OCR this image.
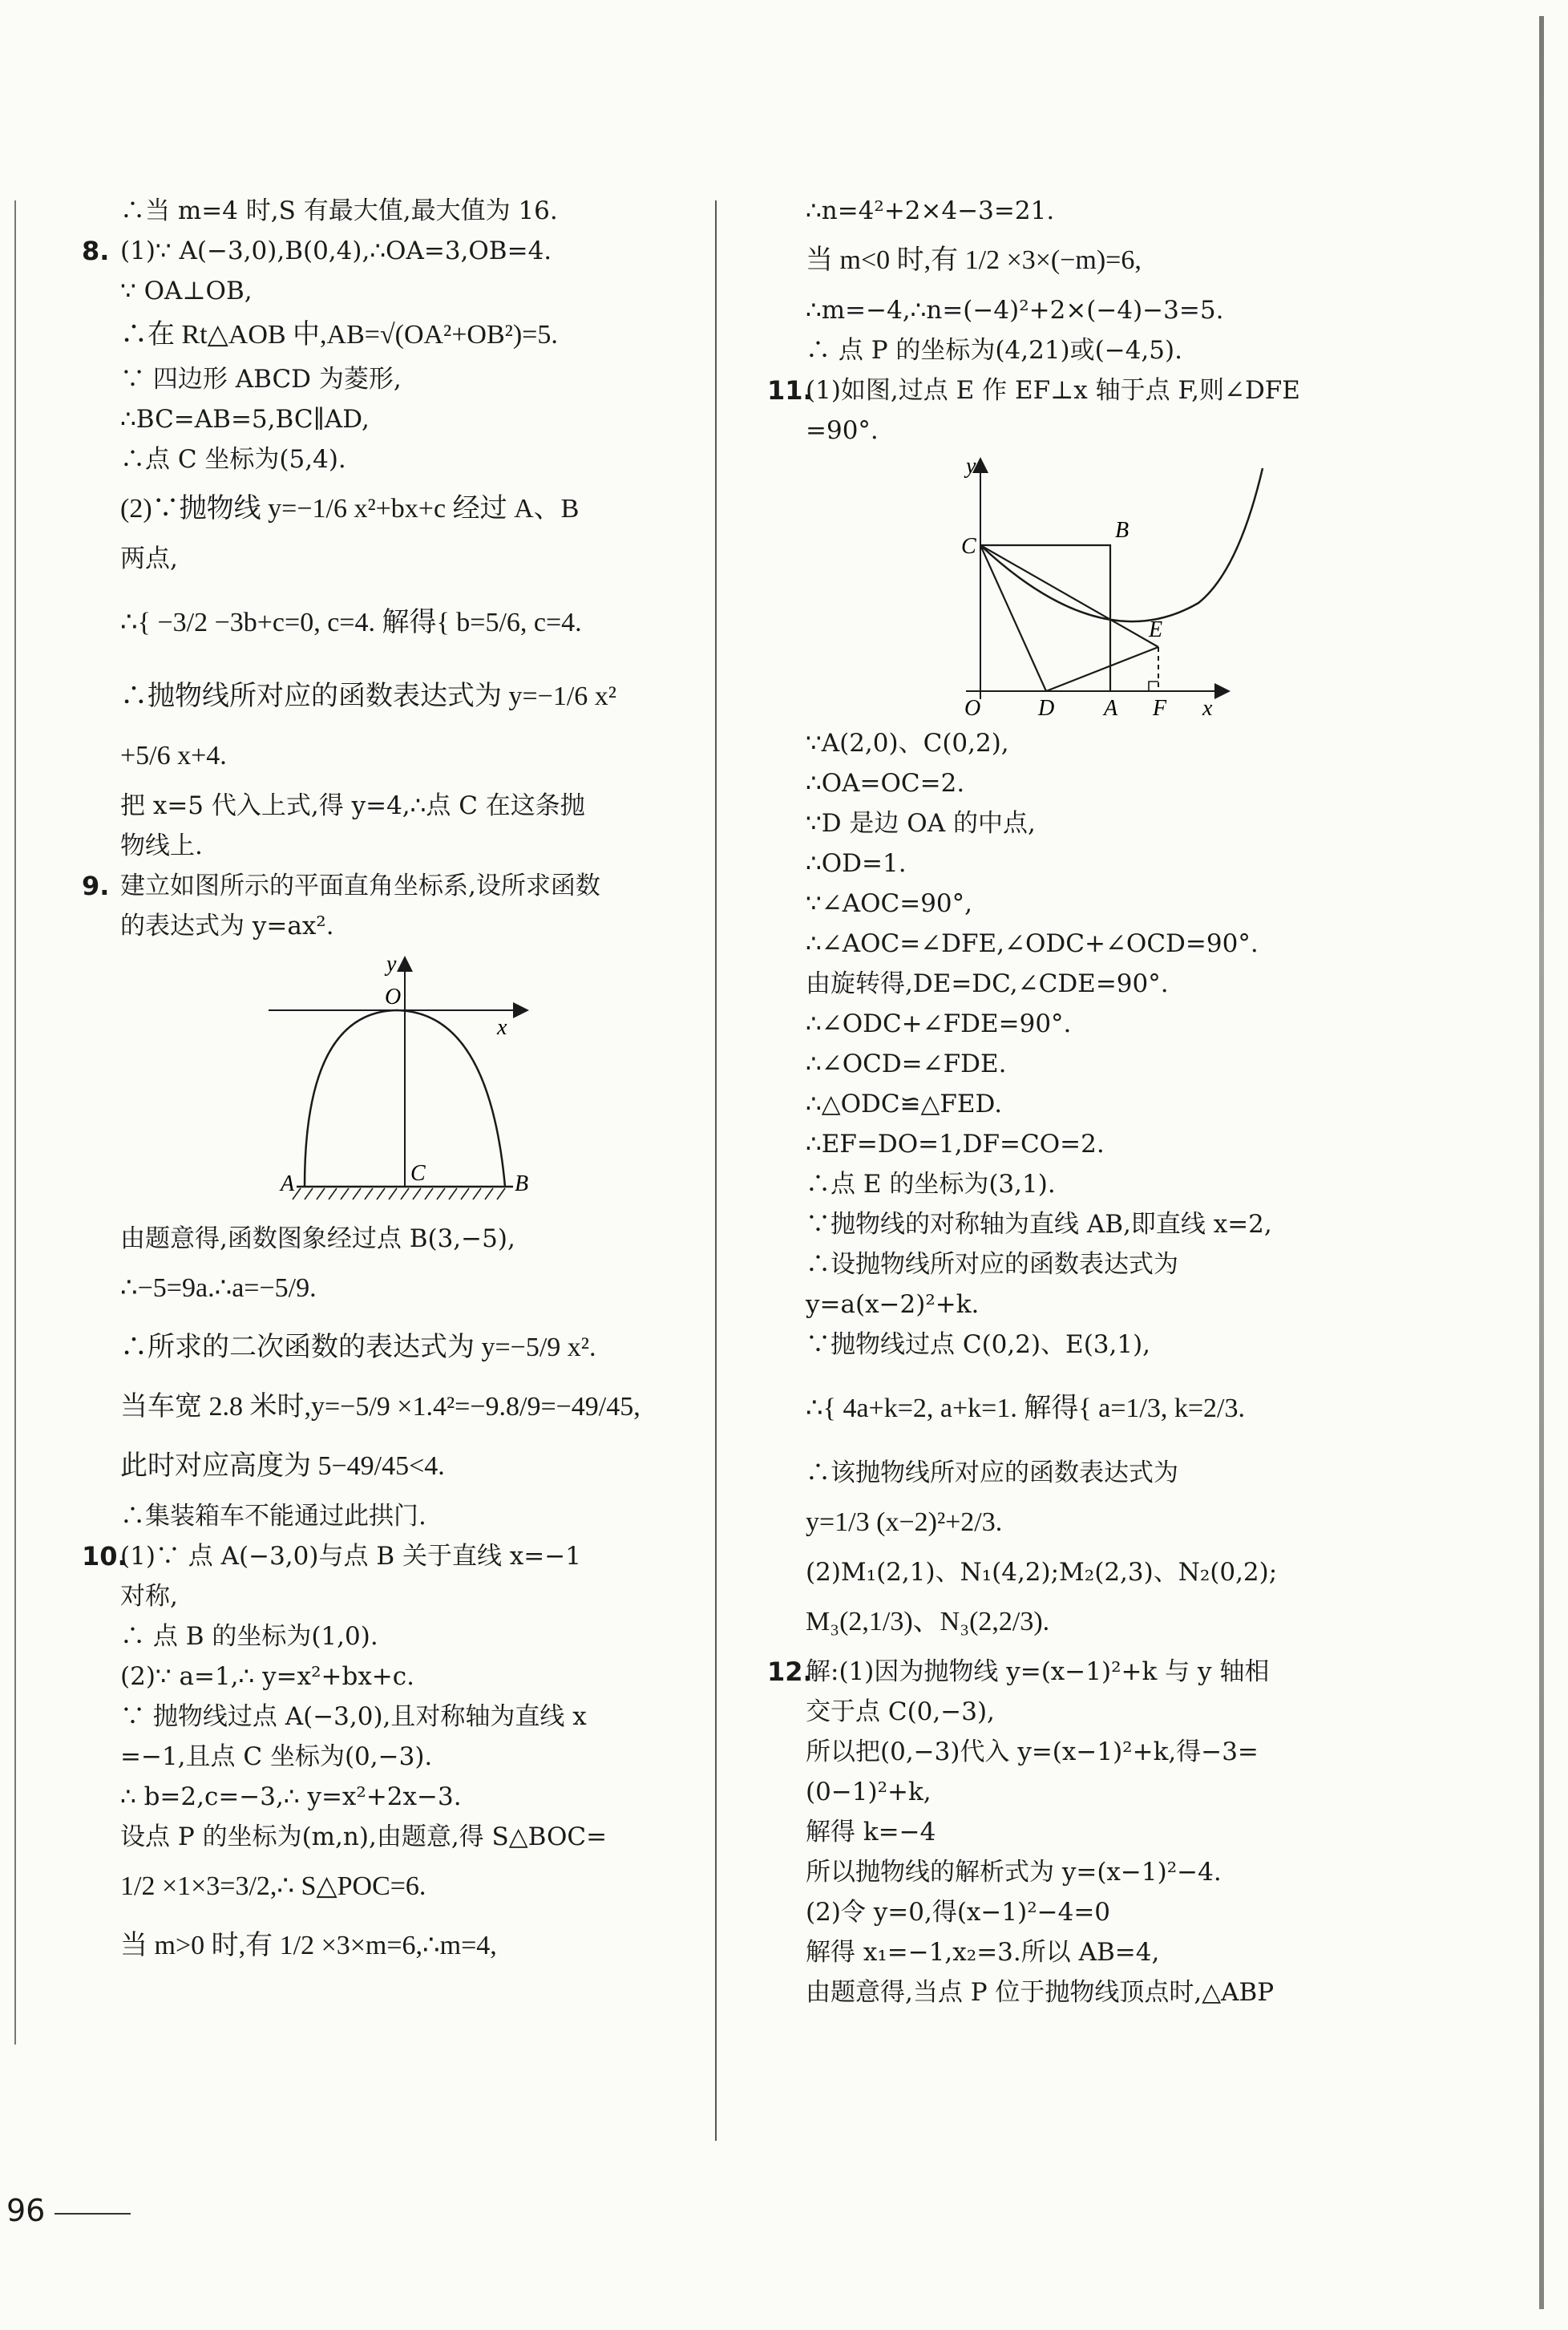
∴当 m=4 时,S 有最大值,最大值为 16.
8. (1)∵ A(−3,0),B(0,4),∴OA=3,OB=4.
∵ OA⊥OB,
∴在 Rt△AOB 中,AB=√(OA²+OB²)=5.
∵ 四边形 ABCD 为菱形,
∴BC=AB=5,BC∥AD,
∴点 C 坐标为(5,4).
(2)∵抛物线 y=−1/6 x²+bx+c 经过 A、B
两点,
∴{ −3/2 −3b+c=0, c=4. 解得{ b=5/6, c=4.
∴抛物线所对应的函数表达式为 y=−1/6 x²
+5/6 x+4.
把 x=5 代入上式,得 y=4,∴点 C 在这条抛
物线上.
9. 建立如图所示的平面直角坐标系,设所求函数
的表达式为 y=ax².
y
O
x
A	C	B
由题意得,函数图象经过点 B(3,−5),
∴−5=9a.∴a=−5/9.
∴所求的二次函数的表达式为 y=−5/9 x².
当车宽 2.8 米时,y=−5/9 ×1.4²=−9.8/9=−49/45,
此时对应高度为 5−49/45<4.
∴集装箱车不能通过此拱门.
10.
(1)∵ 点 A(−3,0)与点 B 关于直线 x=−1
对称,
∴ 点 B 的坐标为(1,0).
(2)∵ a=1,∴ y=x²+bx+c.
∵ 抛物线过点 A(−3,0),且对称轴为直线 x
=−1,且点 C 坐标为(0,−3).
∴ b=2,c=−3,∴ y=x²+2x−3.
设点 P 的坐标为(m,n),由题意,得 S△BOC=
1/2 ×1×3=3/2,∴ S△POC=6.
当 m>0 时,有 1/2 ×3×m=6,∴m=4,
∴n=4²+2×4−3=21.
当 m<0 时,有 1/2 ×3×(−m)=6,
∴m=−4,∴n=(−4)²+2×(−4)−3=5.
∴ 点 P 的坐标为(4,21)或(−4,5).
11.
(1)如图,过点 E 作 EF⊥x 轴于点 F,则∠DFE
=90°.
y
x
O
C
B
E
D A F
∵A(2,0)、C(0,2),
∴OA=OC=2.
∵D 是边 OA 的中点,
∴OD=1.
∵∠AOC=90°,
∴∠AOC=∠DFE,∠ODC+∠OCD=90°.
由旋转得,DE=DC,∠CDE=90°.
∴∠ODC+∠FDE=90°.
∴∠OCD=∠FDE.
∴△ODC≌△FED.
∴EF=DO=1,DF=CO=2.
∴点 E 的坐标为(3,1).
∵抛物线的对称轴为直线 AB,即直线 x=2,
∴设抛物线所对应的函数表达式为
y=a(x−2)²+k.
∵抛物线过点 C(0,2)、E(3,1),
∴{ 4a+k=2, a+k=1. 解得{ a=1/3, k=2/3.
∴该抛物线所对应的函数表达式为
y=1/3 (x−2)²+2/3.
(2)M₁(2,1)、N₁(4,2);M₂(2,3)、N₂(0,2);
M₃(2,1/3)、N₃(2,2/3).
12.
解:(1)因为抛物线 y=(x−1)²+k 与 y 轴相
交于点 C(0,−3),
所以把(0,−3)代入 y=(x−1)²+k,得−3=
(0−1)²+k,
解得 k=−4
所以抛物线的解析式为 y=(x−1)²−4.
(2)令 y=0,得(x−1)²−4=0
解得 x₁=−1,x₂=3.所以 AB=4,
由题意得,当点 P 位于抛物线顶点时,△ABP
96
